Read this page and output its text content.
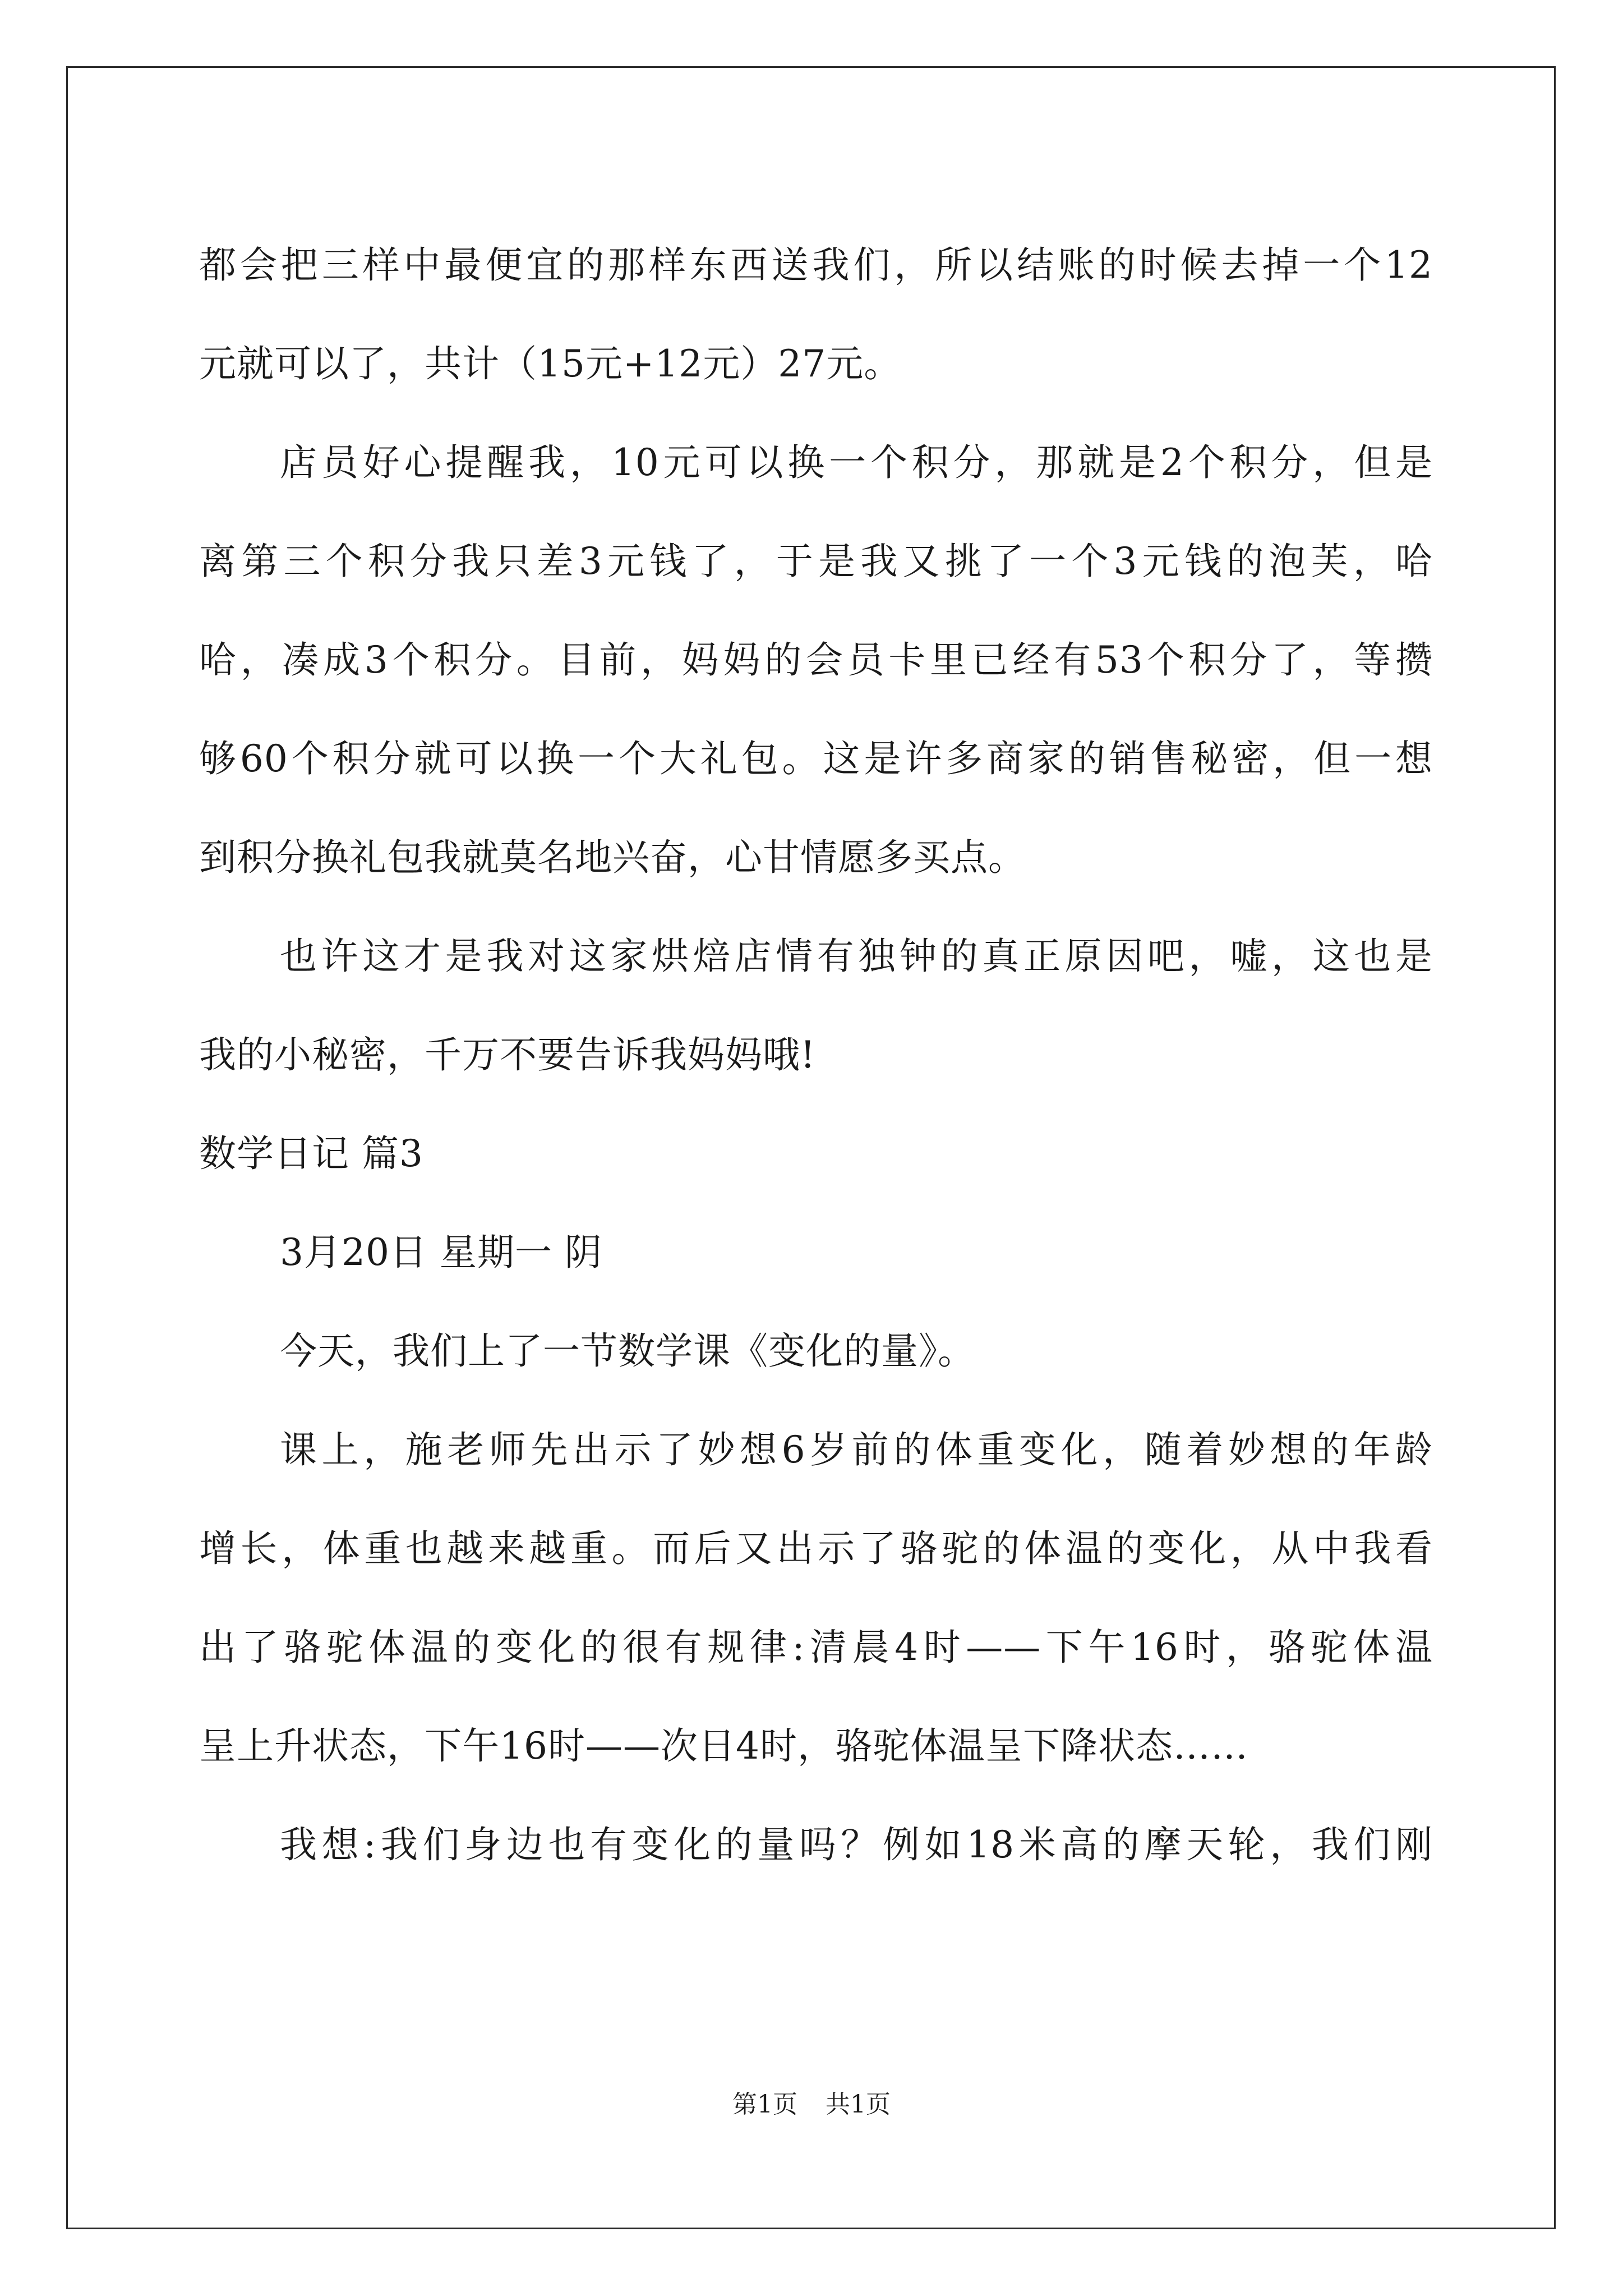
都会把三样中最便宜的那样东西送我们，所以结账的时候去掉一个12
元就可以了，共计（15元+12元）27元。
店员好心提醒我，10元可以换一个积分，那就是2个积分，但是
离第三个积分我只差3元钱了，于是我又挑了一个3元钱的泡芙，哈
哈，凑成3个积分。目前，妈妈的会员卡里已经有53个积分了，等攒
够60个积分就可以换一个大礼包。这是许多商家的销售秘密，但一想
到积分换礼包我就莫名地兴奋，心甘情愿多买点。
也许这才是我对这家烘焙店情有独钟的真正原因吧，嘘，这也是
我的小秘密，千万不要告诉我妈妈哦!
数学日记 篇3
3月20日 星期一 阴
今天，我们上了一节数学课《变化的量》。
课上，施老师先出示了妙想6岁前的体重变化，随着妙想的年龄
增长，体重也越来越重。而后又出示了骆驼的体温的变化，从中我看
出了骆驼体温的变化的很有规律:清晨4时——下午16时，骆驼体温
呈上升状态，下午16时——次日4时，骆驼体温呈下降状态……
我想:我们身边也有变化的量吗？例如18米高的摩天轮，我们刚
第1页 共1页
